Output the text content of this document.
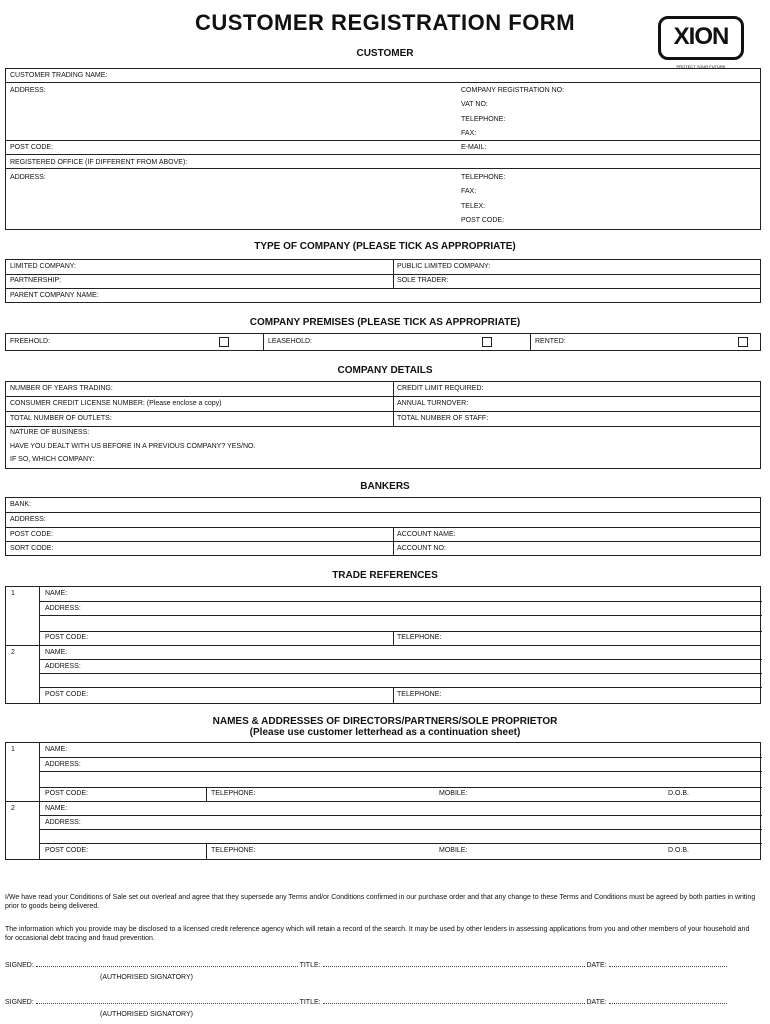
CUSTOMER REGISTRATION FORM
XION
PROTECT YOUR FUTURE
CUSTOMER
CUSTOMER TRADING NAME:
ADDRESS:	COMPANY REGISTRATION NO:
VAT NO:
TELEPHONE:
FAX:
POST CODE:	E-MAIL:
REGISTERED OFFICE (IF DIFFERENT FROM ABOVE):
ADDRESS:	TELEPHONE:
FAX:
TELEX:
POST CODE:
TYPE OF COMPANY (PLEASE TICK AS APPROPRIATE)
LIMITED COMPANY:	PUBLIC LIMITED COMPANY:
PARTNERSHIP:	SOLE TRADER:
PARENT COMPANY NAME:
COMPANY PREMISES (PLEASE TICK AS APPROPRIATE)
FREEHOLD:	LEASEHOLD:	RENTED:
COMPANY DETAILS
NUMBER OF YEARS TRADING:	CREDIT LIMIT REQUIRED:
CONSUMER CREDIT LICENSE NUMBER: (Please enclose a copy)	ANNUAL TURNOVER:
TOTAL NUMBER OF OUTLETS:	TOTAL NUMBER OF STAFF:
NATURE OF BUSINESS:
HAVE YOU DEALT WITH US BEFORE IN A PREVIOUS COMPANY? YES/NO.
IF SO, WHICH COMPANY:
BANKERS
BANK:
ADDRESS:
POST CODE:	ACCOUNT NAME:
SORT CODE:	ACCOUNT NO:
TRADE REFERENCES
1	NAME:
ADDRESS:
POST CODE:	TELEPHONE:
2	NAME:
ADDRESS:
POST CODE:	TELEPHONE:
NAMES & ADDRESSES OF DIRECTORS/PARTNERS/SOLE PROPRIETOR
(Please use customer letterhead as a continuation sheet)
1	NAME:
ADDRESS:
POST CODE:	TELEPHONE:	MOBILE:	D.O.B.
2	NAME:
ADDRESS:
POST CODE:	TELEPHONE:	MOBILE:	D.O.B.
I/We have read your Conditions of Sale set out overleaf and agree that they supersede any Terms and/or Conditions confirmed in our purchase order and that any change to these Terms and Conditions must be agreed by both parties in writing prior to goods being delivered.
The information which you provide may be disclosed to a licensed credit reference agency which will retain a record of the search. It may be used by other lenders in assessing applications from you and other members of your household and for occasional debt tracing and fraud prevention.
SIGNED:	TITLE:	DATE:
(AUTHORISED SIGNATORY)
SIGNED:	TITLE:	DATE:
(AUTHORISED SIGNATORY)
